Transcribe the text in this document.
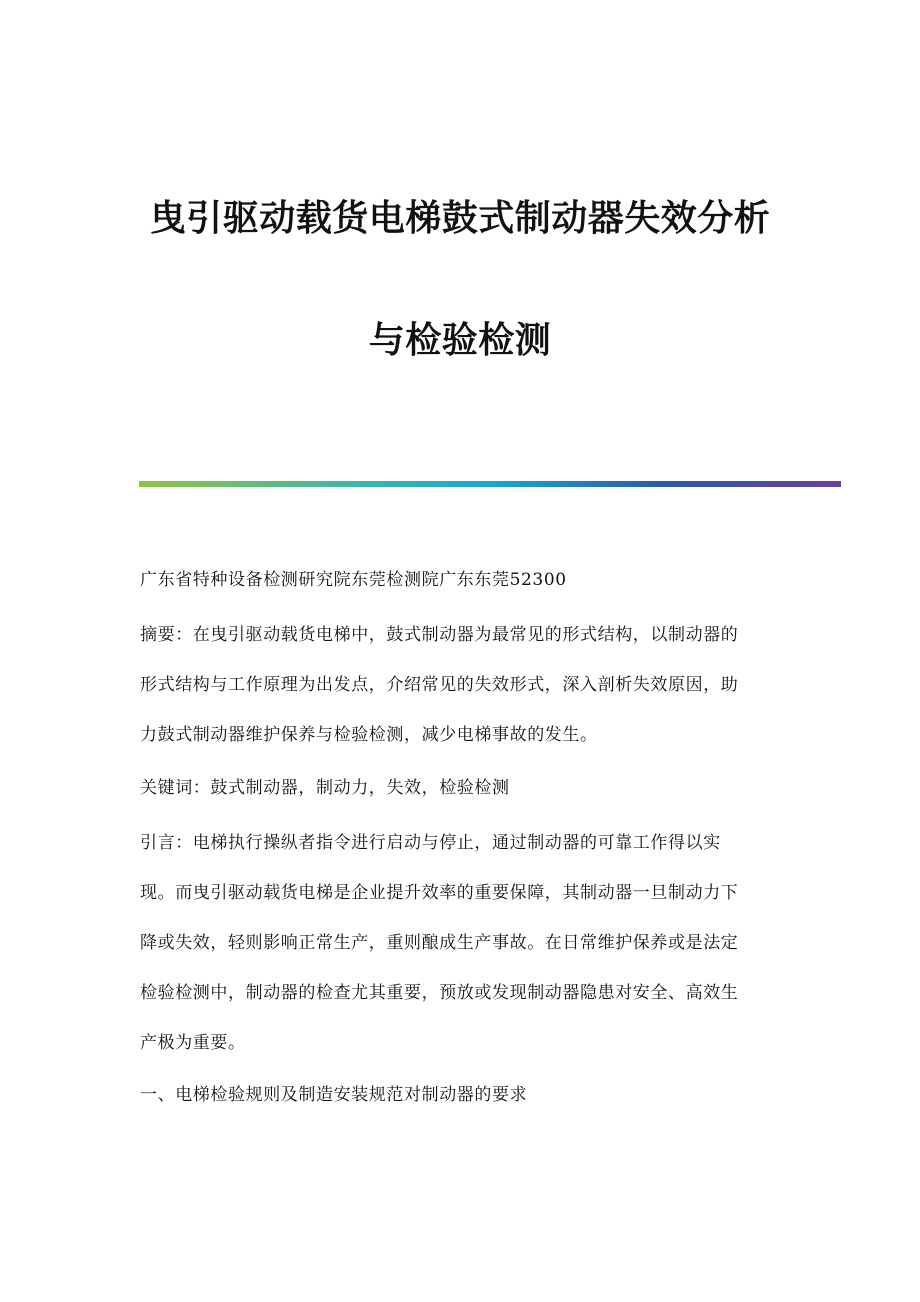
曳引驱动载货电梯鼓式制动器失效分析
与检验检测

广东省特种设备检测研究院东莞检测院广东东莞52300

摘要：在曳引驱动载货电梯中，鼓式制动器为最常见的形式结构，以制动器的
形式结构与工作原理为出发点，介绍常见的失效形式，深入剖析失效原因，助
力鼓式制动器维护保养与检验检测，减少电梯事故的发生。

关键词：鼓式制动器，制动力，失效，检验检测

引言：电梯执行操纵者指令进行启动与停止，通过制动器的可靠工作得以实
现。而曳引驱动载货电梯是企业提升效率的重要保障，其制动器一旦制动力下
降或失效，轻则影响正常生产，重则酿成生产事故。在日常维护保养或是法定
检验检测中，制动器的检查尤其重要，预放或发现制动器隐患对安全、高效生
产极为重要。

一、电梯检验规则及制造安装规范对制动器的要求
